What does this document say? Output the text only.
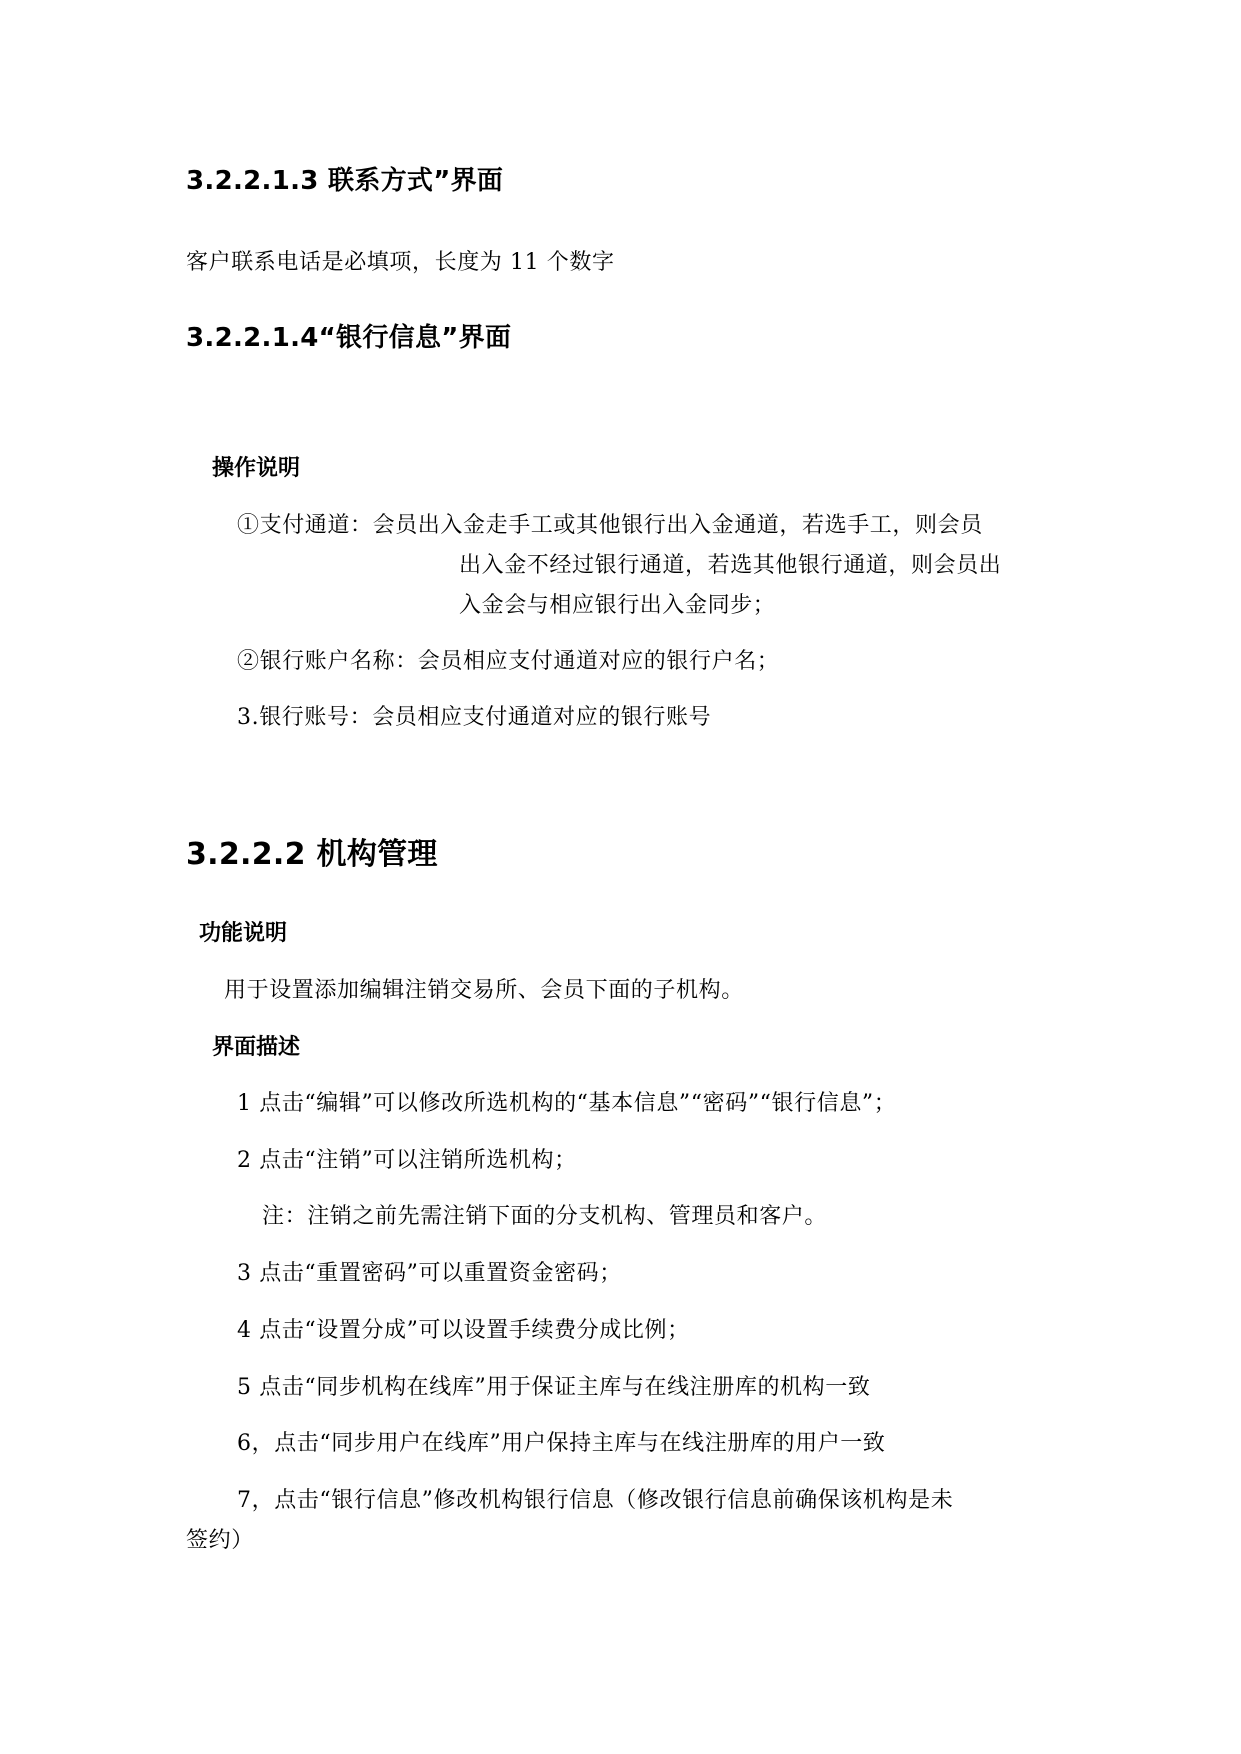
3.2.2.1.3 联系方式”界面
客户联系电话是必填项，长度为 11 个数字
3.2.2.1.4“银行信息”界面
操作说明
①支付通道：会员出入金走手工或其他银行出入金通道，若选手工，则会员
出入金不经过银行通道，若选其他银行通道，则会员出
入金会与相应银行出入金同步；
②银行账户名称：会员相应支付通道对应的银行户名；
3.银行账号：会员相应支付通道对应的银行账号
3.2.2.2 机构管理
功能说明
用于设置添加编辑注销交易所、会员下面的子机构。
界面描述
1 点击“编辑”可以修改所选机构的“基本信息”“密码”“银行信息”；
2 点击“注销”可以注销所选机构；
注：注销之前先需注销下面的分支机构、管理员和客户。
3 点击“重置密码”可以重置资金密码；
4 点击“设置分成”可以设置手续费分成比例；
5 点击“同步机构在线库”用于保证主库与在线注册库的机构一致
6，点击“同步用户在线库”用户保持主库与在线注册库的用户一致
7，点击“银行信息”修改机构银行信息（修改银行信息前确保该机构是未
签约）
